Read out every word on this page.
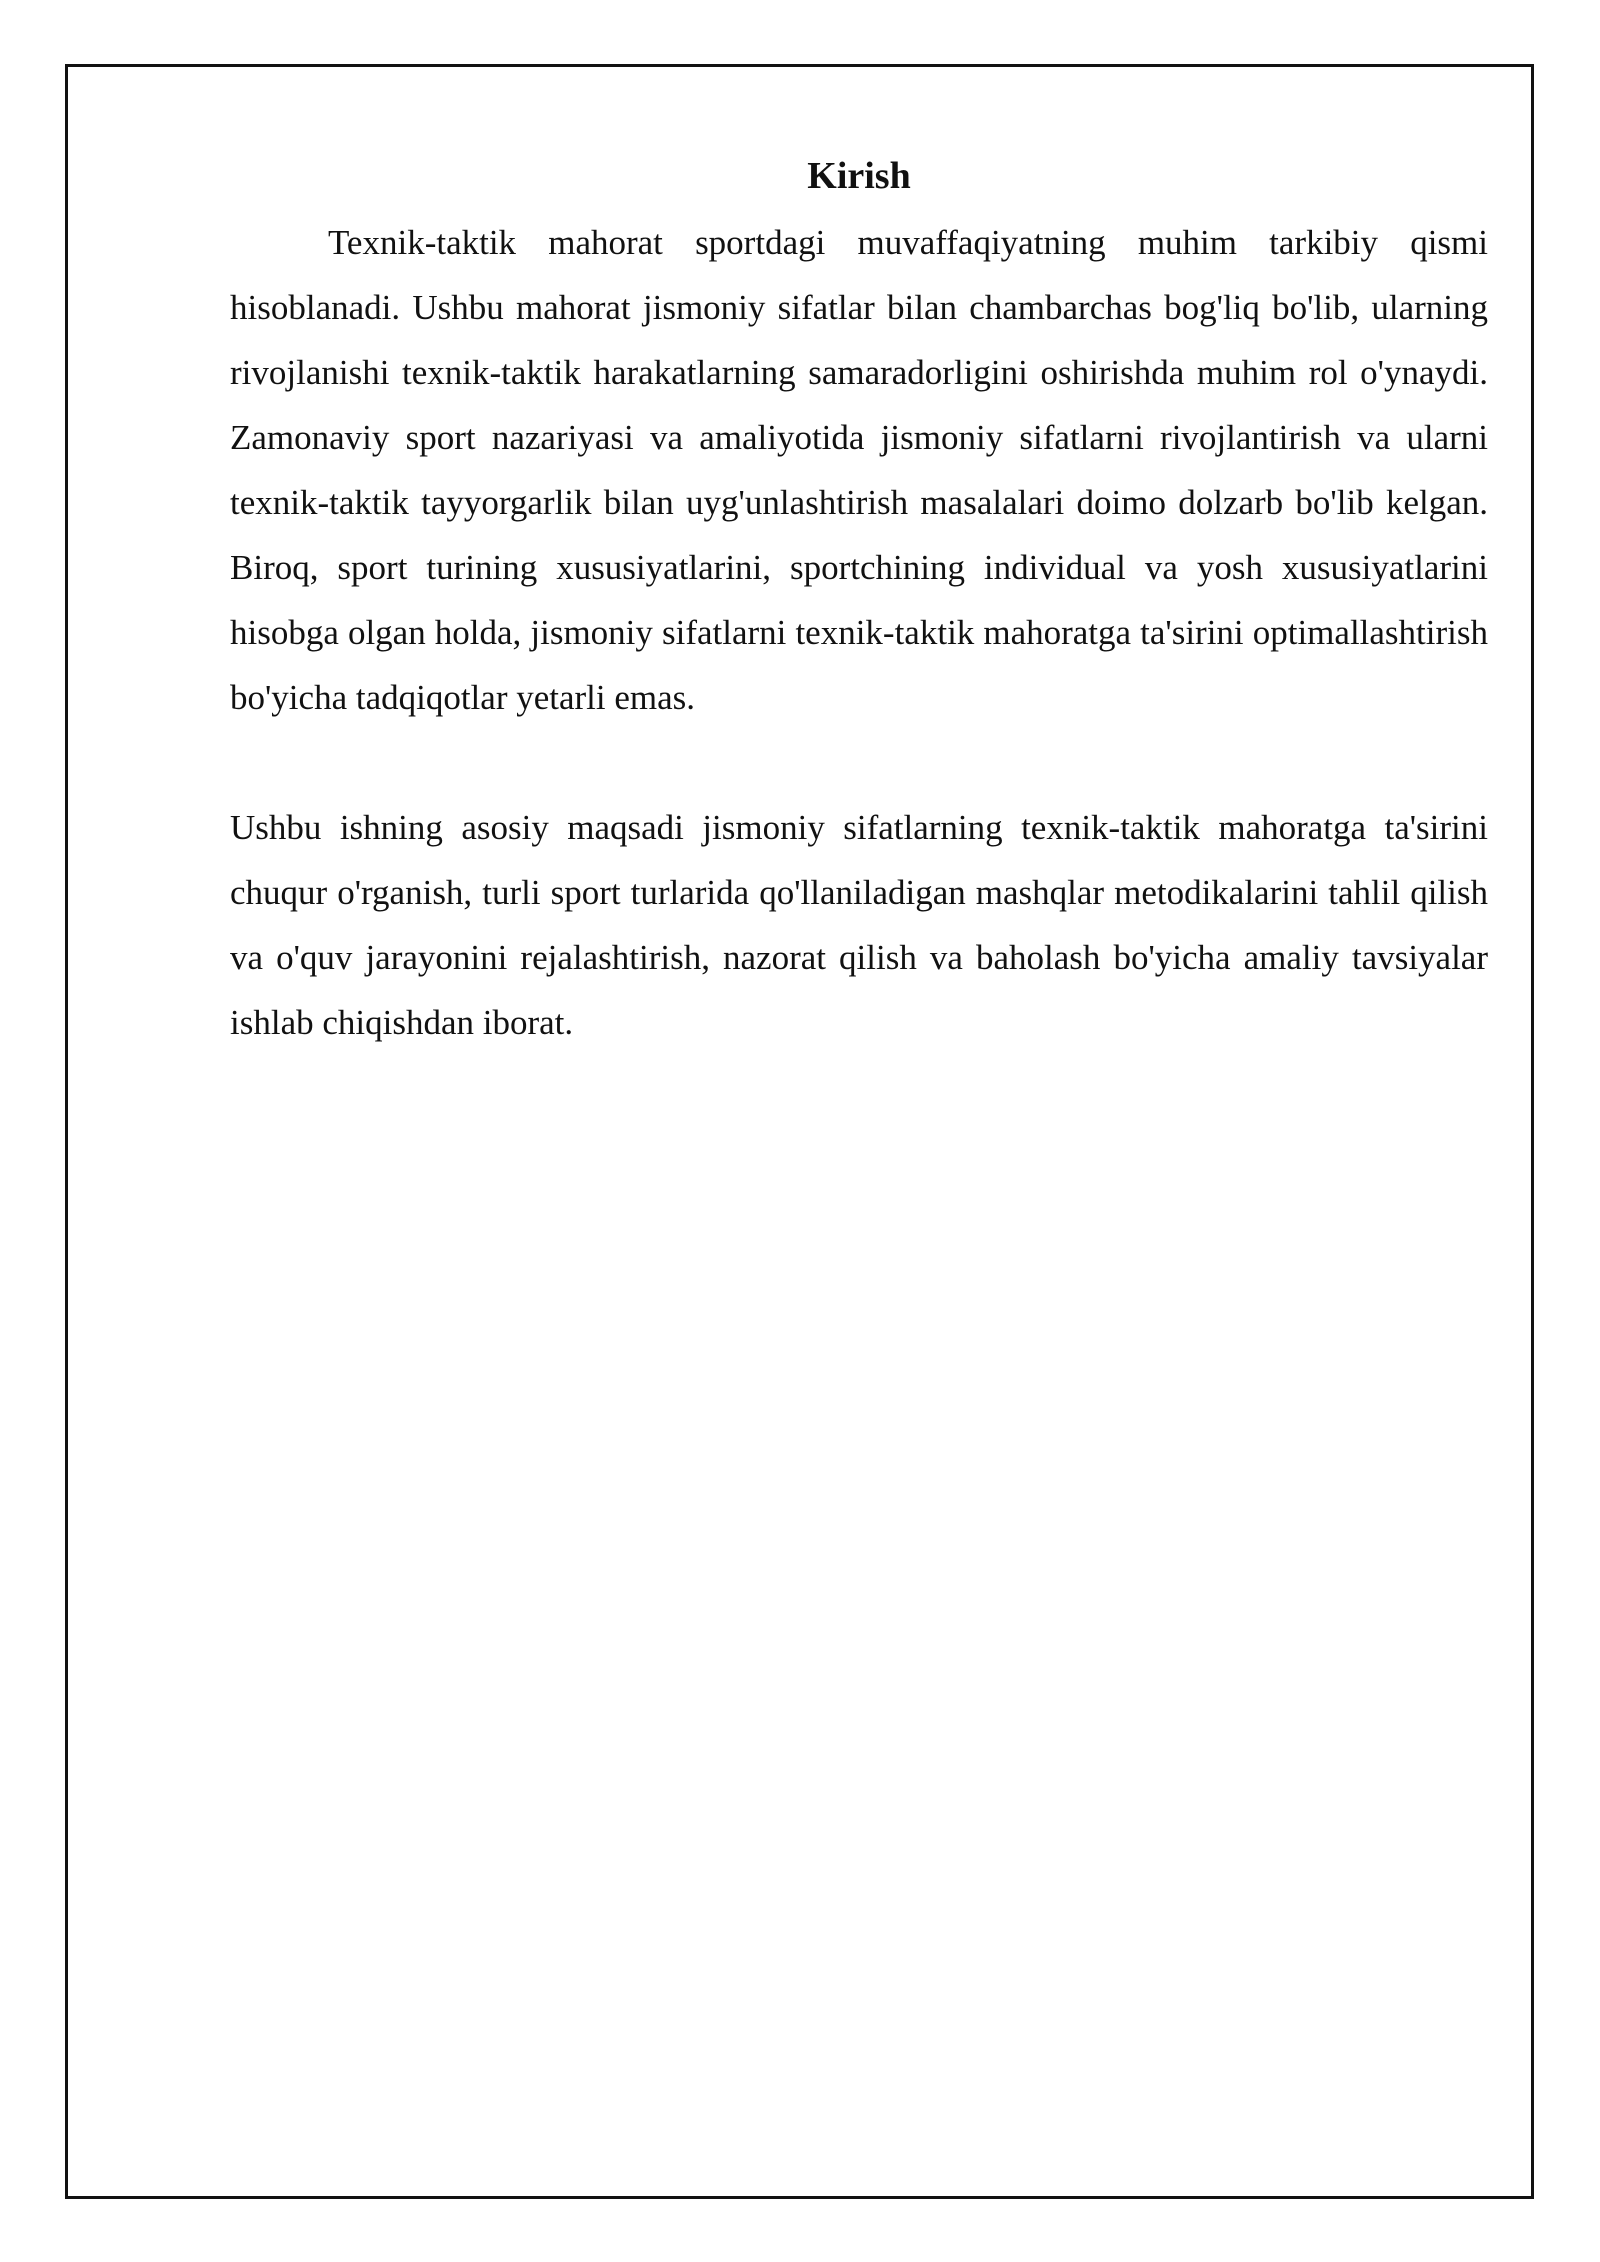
Kirish

Texnik-taktik mahorat sportdagi muvaffaqiyatning muhim tarkibiy qismi hisoblanadi. Ushbu mahorat jismoniy sifatlar bilan chambarchas bog'liq bo'lib, ularning rivojlanishi texnik-taktik harakatlarning samaradorligini oshirishda muhim rol o'ynaydi. Zamonaviy sport nazariyasi va amaliyotida jismoniy sifatlarni rivojlantirish va ularni texnik-taktik tayyorgarlik bilan uyg'unlashtirish masalalari doimo dolzarb bo'lib kelgan. Biroq, sport turining xususiyatlarini, sportchining individual va yosh xususiyatlarini hisobga olgan holda, jismoniy sifatlarni texnik-taktik mahoratga ta'sirini optimallashtirish bo'yicha tadqiqotlar yetarli emas.

Ushbu ishning asosiy maqsadi jismoniy sifatlarning texnik-taktik mahoratga ta'sirini chuqur o'rganish, turli sport turlarida qo'llaniladigan mashqlar metodikalarini tahlil qilish va o'quv jarayonini rejalashtirish, nazorat qilish va baholash bo'yicha amaliy tavsiyalar ishlab chiqishdan iborat.
